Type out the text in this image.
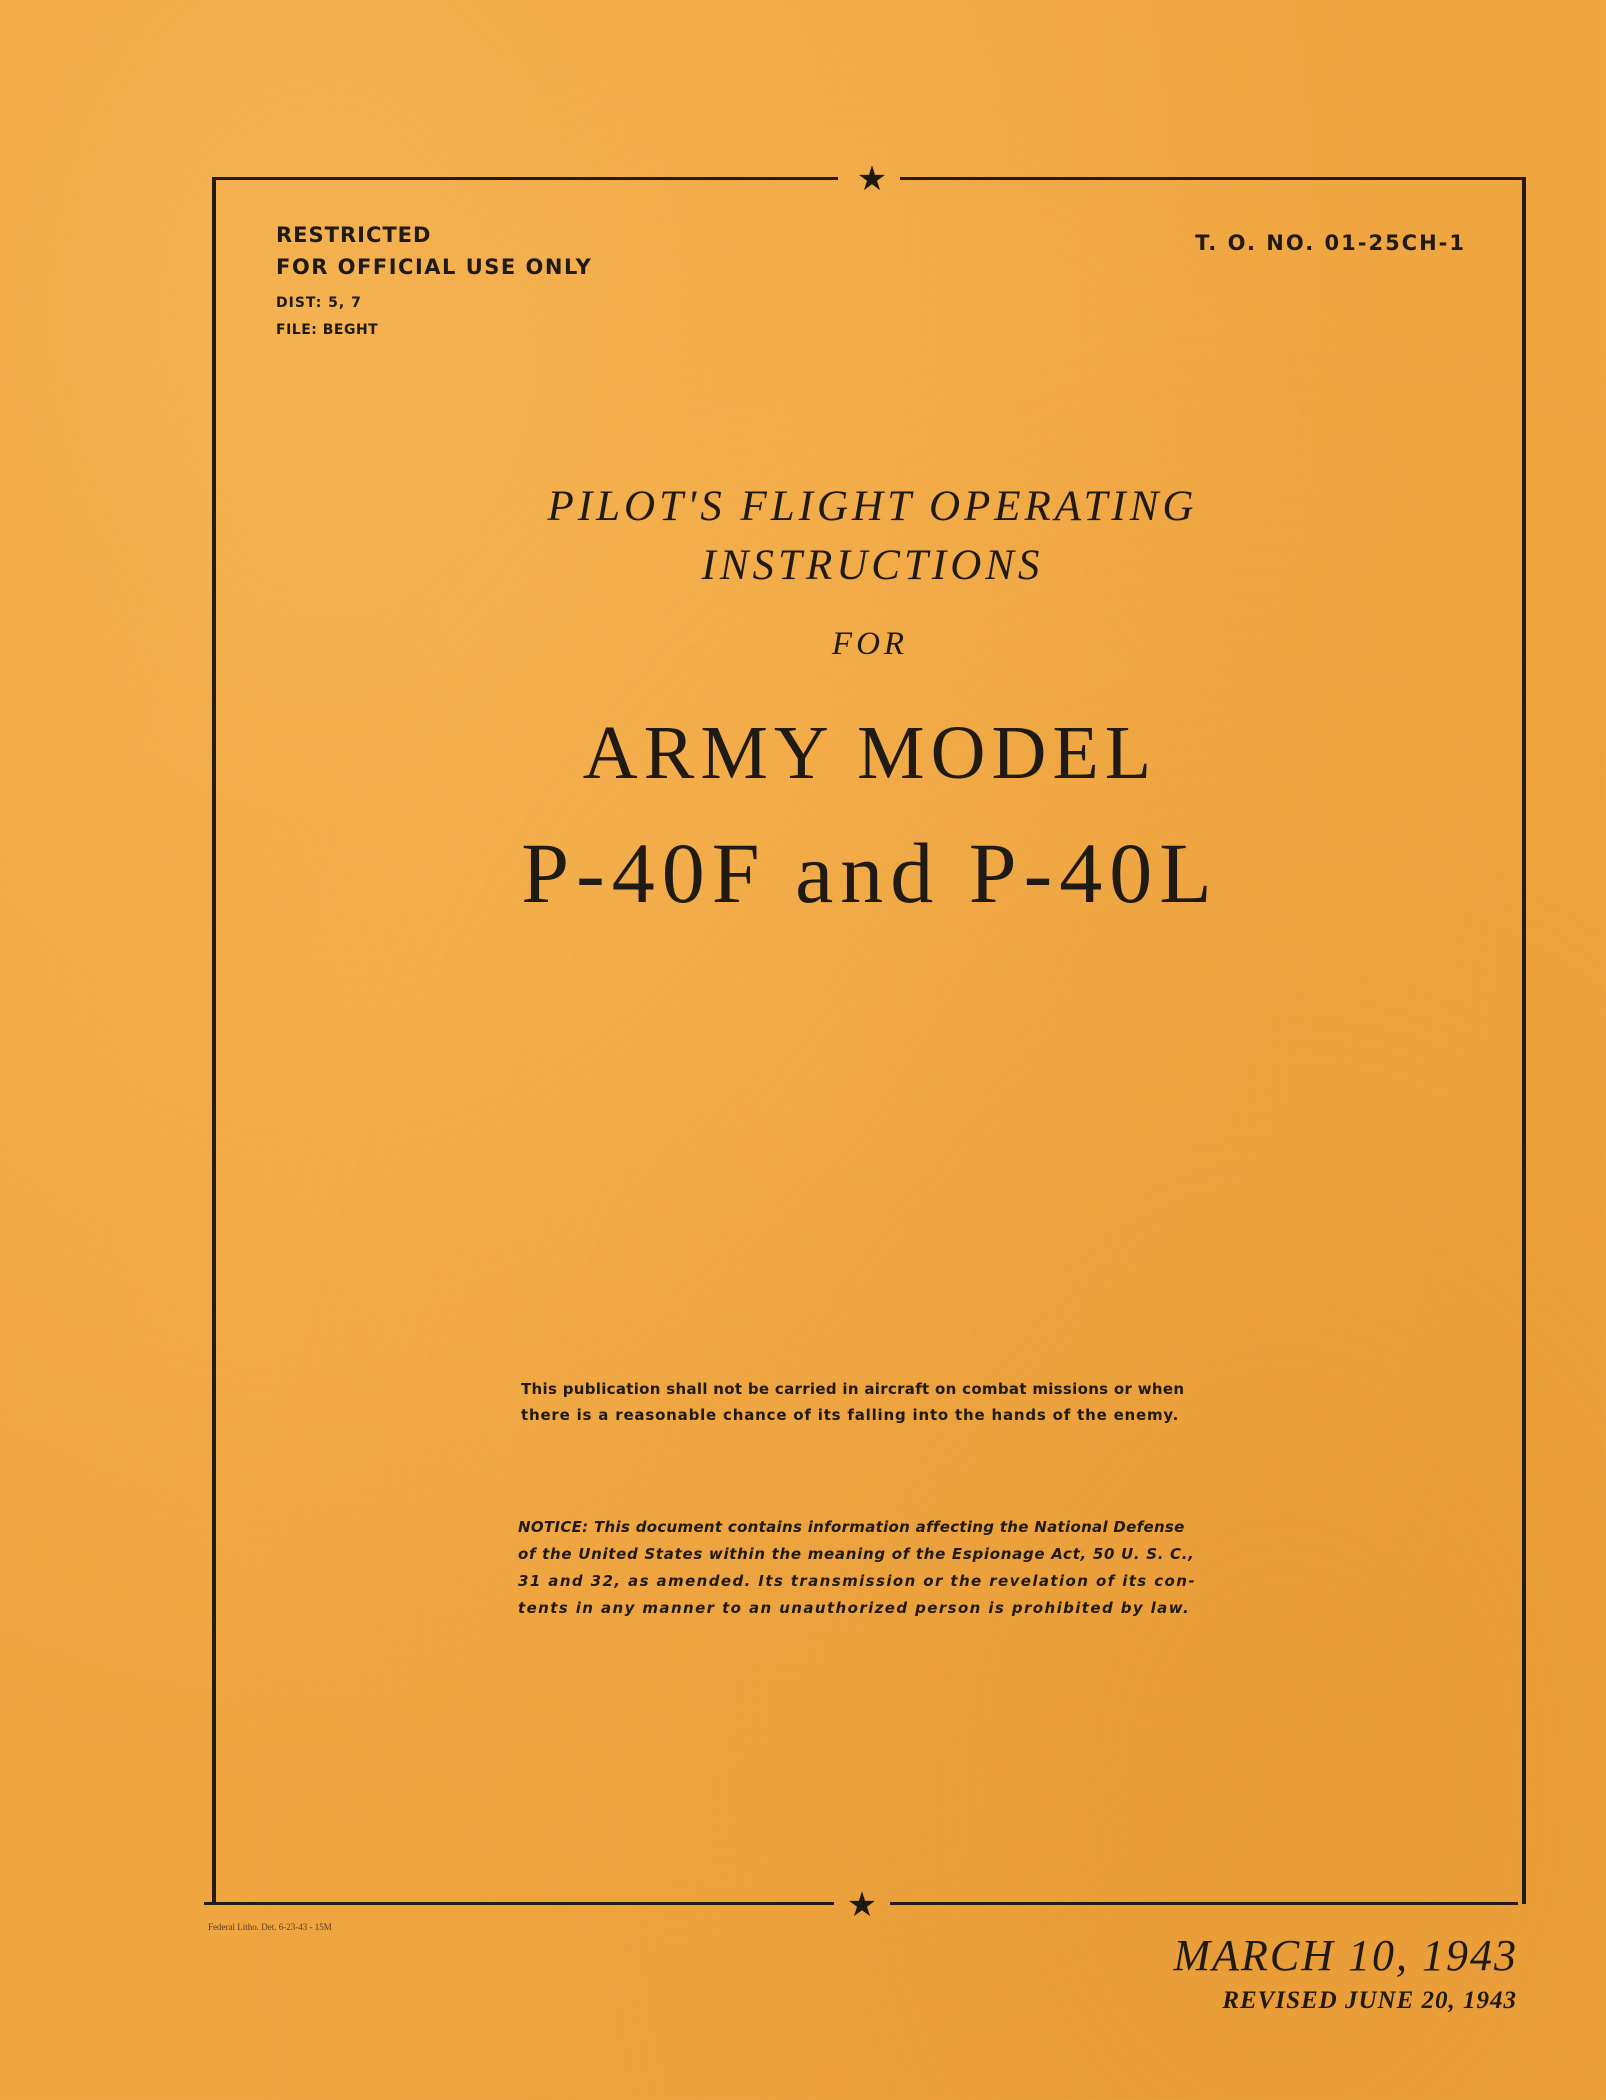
★
★
RESTRICTED
FOR OFFICIAL USE ONLY
DIST: 5, 7
FILE: BEGHT
T. O. NO. 01-25CH-1
PILOT'S FLIGHT OPERATING
INSTRUCTIONS
FOR
ARMY MODEL
P-40F and P-40L
This publication shall not be carried in aircraft on combat missions or when
there is a reasonable chance of its falling into the hands of the enemy.
NOTICE: This document contains information affecting the National Defense
of the United States within the meaning of the Espionage Act, 50 U. S. C.,
31 and 32, as amended. Its transmission or the revelation of its con-
tents in any manner to an unauthorized person is prohibited by law.
Federal Litho. Det. 6-23-43 - 15M
MARCH 10, 1943
REVISED JUNE 20, 1943
